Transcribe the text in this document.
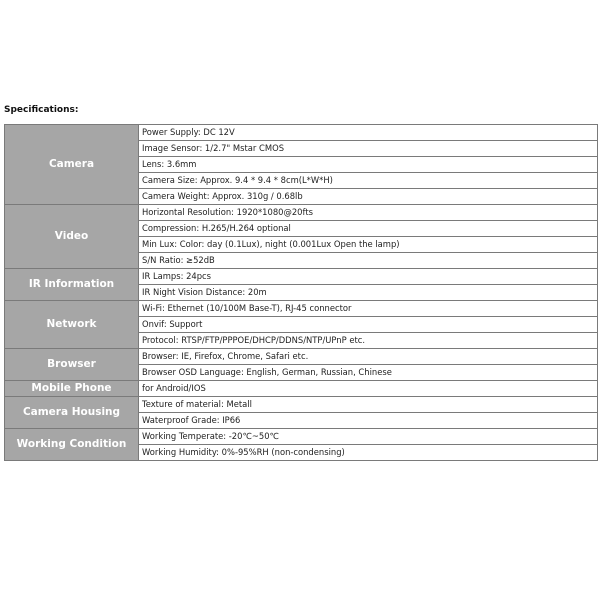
Specifications:
Camera	Power Supply: DC 12V
	Image Sensor: 1/2.7" Mstar CMOS
	Lens: 3.6mm
	Camera Size: Approx. 9.4 * 9.4 * 8cm(L*W*H)
	Camera Weight: Approx. 310g / 0.68lb
Video	Horizontal Resolution: 1920*1080@20fts
	Compression: H.265/H.264 optional
	Min Lux: Color: day (0.1Lux), night (0.001Lux Open the lamp)
	S/N Ratio: ≥52dB
IR Information	IR Lamps: 24pcs
	IR Night Vision Distance: 20m
Network	Wi-Fi: Ethernet (10/100M Base-T), RJ-45 connector
	Onvif: Support
	Protocol: RTSP/FTP/PPPOE/DHCP/DDNS/NTP/UPnP etc.
Browser	Browser: IE, Firefox, Chrome, Safari etc.
	Browser OSD Language: English, German, Russian, Chinese
Mobile Phone	for Android/IOS
Camera Housing	Texture of material: Metall
	Waterproof Grade: IP66
Working Condition	Working Temperate: -20℃~50℃
	Working Humidity: 0%-95%RH (non-condensing)
